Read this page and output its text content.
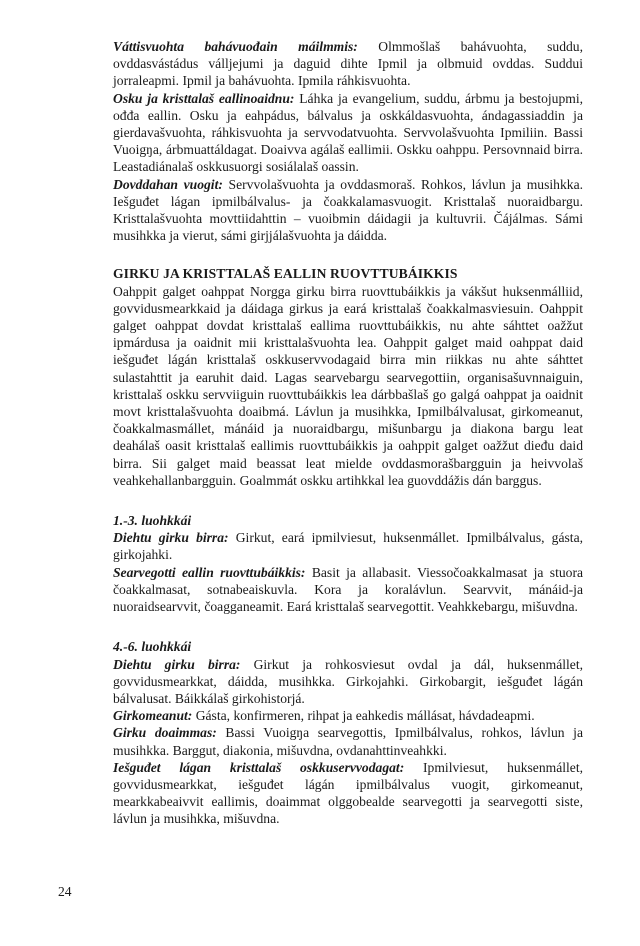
Váttisvuohta bahávuođain máilmmis: Olmmošlaš bahávuohta, suddu, ovddasvástádus válljejumi ja daguid dihte Ipmil ja olbmuid ovddas. Suddui jorraleapmi. Ipmil ja bahávuohta. Ipmila ráhkisvuohta.

Osku ja kristtalaš eallinoaidnu: Láhka ja evangelium, suddu, árbmu ja bestojupmi, ođđa eallin. Osku ja eahpádus, bálvalus ja oskkáldasvuohta, ándagassiaddin ja gierdavašvuohta, ráhkisvuohta ja servvodatvuohta. Servvolašvuohta Ipmiliin. Bassi Vuoigŋa, árbmuattáldagat. Doaivva agálaš eallimii. Oskku oahppu. Persovnnaid birra. Leastadiánalaš oskkusuorgi sosiálalaš oassin.

Dovddahan vuogit: Servvolašvuohta ja ovddasmoraš. Rohkos, lávlun ja musihkka. Iešguđet lágan ipmilbálvalus- ja čoakkalamasvuogit. Kristtalaš nuoraidbargu. Kristtalašvuohta movttiidahttin – vuoibmin dáidagii ja kultuvrii. Čájálmas. Sámi musihkka ja vierut, sámi girjjálašvuohta ja dáidda.

GIRKU JA KRISTTALAŠ EALLIN RUOVTTUBÁIKKIS

Oahppit galget oahppat Norgga girku birra ruovttubáikkis ja vákšut huksenmálliid, govvidusmearkkaid ja dáidaga girkus ja eará kristtalaš čoakkalmasviesuin. Oahppit galget oahppat dovdat kristtalaš eallima ruovttubáikkis, nu ahte sáhttet oažžut ipmárdusa ja oaidnit mii kristtalašvuohta lea. Oahppit galget maid oahppat daid iešguđet lágán kristtalaš oskkuservvodagaid birra min riikkas nu ahte sáhttet sulastahttit ja earuhit daid. Lagas searvebargu searvegottiin, organisašuvnnaiguin, kristtalaš oskku servviiguin ruovttubáikkis lea dárbbašlaš go galgá oahppat ja oaidnit movt kristtalašvuohta doaibmá. Lávlun ja musihkka, Ipmilbálvalusat, girkomeanut, čoakkalmasmállet, mánáid ja nuoraidbargu, mišunbargu ja diakona bargu leat deahálaš oasit kristtalaš eallimis ruovttubáikkis ja oahppit galget oažžut dieđu daid birra. Sii galget maid beassat leat mielde ovddasmorašbargguin ja heivvolaš veahkehallanbargguin. Goalmmát oskku artihkkal lea guovddážis dán barggus.

1.-3. luohkkái

Diehtu girku birra: Girkut, eará ipmilviesut, huksenmállet. Ipmilbálvalus, gásta, girkojahki.

Searvegotti eallin ruovttubáikkis: Basit ja allabasit. Viessočoakkalmasat ja stuora čoakkalmasat, sotnabeaiskuvla. Kora ja koralávlun. Searvvit, mánáid-ja nuoraidsearvvit, čoagganeamit. Eará kristtalaš searvegottit. Veahkkebargu, mišuvdna.

4.-6. luohkkái

Diehtu girku birra: Girkut ja rohkosviesut ovdal ja dál, huksenmállet, govvidusmearkkat, dáidda, musihkka. Girkojahki. Girkobargit, iešguđet lágán bálvalusat. Báikkálaš girkohistorjá.

Girkomeanut: Gásta, konfirmeren, rihpat ja eahkedis mállásat, hávdadeapmi.

Girku doaimmas: Bassi Vuoigŋa searvegottis, Ipmilbálvalus, rohkos, lávlun ja musihkka. Barggut, diakonia, mišuvdna, ovdanahttinveahkki.

Iešguđet lágan kristtalaš oskkuservvodagat: Ipmilviesut, huksenmállet, govvidusmearkkat, iešguđet lágán ipmilbálvalus vuogit, girkomeanut, mearkkabeaivvit eallimis, doaimmat olggobealde searvegotti ja searvegotti siste, lávlun ja musihkka, mišuvdna.

24
